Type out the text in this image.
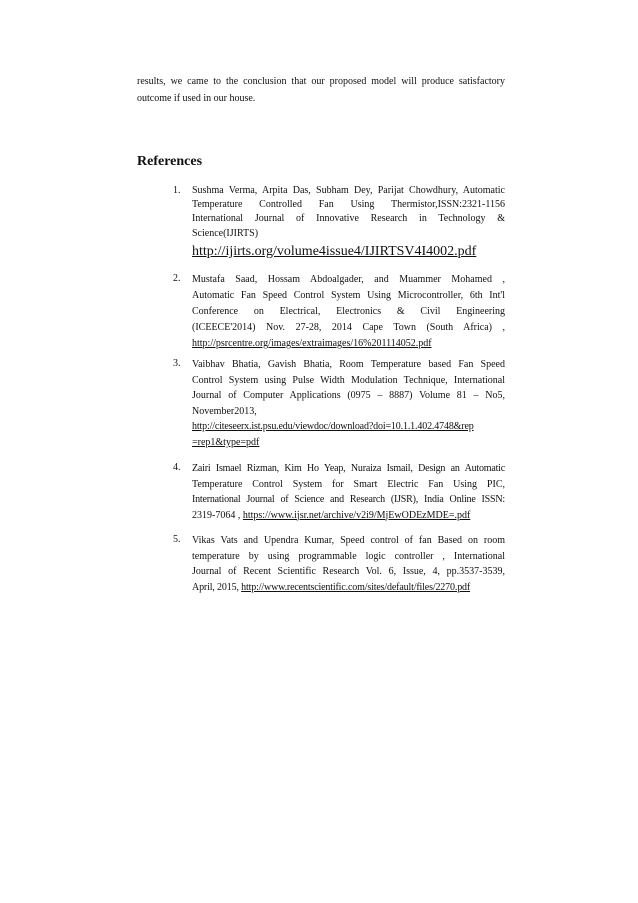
results, we came to the conclusion that our proposed model will produce satisfactory
outcome if used in our house.

References
1. Sushma Verma, Arpita Das, Subham Dey, Parijat Chowdhury, Automatic
Temperature Controlled Fan Using Thermistor,ISSN:2321-1156
International Journal of Innovative Research in Technology &
Science(IJIRTS)
http://ijirts.org/volume4issue4/IJIRTSV4I4002.pdf
2. Mustafa Saad, Hossam Abdoalgader, and Muammer Mohamed ,
Automatic Fan Speed Control System Using Microcontroller, 6th Int'l
Conference on Electrical, Electronics & Civil Engineering
(ICEECE'2014) Nov. 27-28, 2014 Cape Town (South Africa) ,
http://psrcentre.org/images/extraimages/16%201114052.pdf
3. Vaibhav Bhatia, Gavish Bhatia, Room Temperature based Fan Speed
Control System using Pulse Width Modulation Technique, International
Journal of Computer Applications (0975 – 8887) Volume 81 – No5,
November2013,
http://citeseerx.ist.psu.edu/viewdoc/download?doi=10.1.1.402.4748&rep
=rep1&type=pdf
4. Zairi Ismael Rizman, Kim Ho Yeap, Nuraiza Ismail, Design an Automatic
Temperature Control System for Smart Electric Fan Using PIC,
International Journal of Science and Research (IJSR), India Online ISSN:
2319-7064 , https://www.ijsr.net/archive/v2i9/MjEwODEzMDE=.pdf
5. Vikas Vats and Upendra Kumar, Speed control of fan Based on room
temperature by using programmable logic controller , International
Journal of Recent Scientific Research Vol. 6, Issue, 4, pp.3537-3539,
April, 2015, http://www.recentscientific.com/sites/default/files/2270.pdf
